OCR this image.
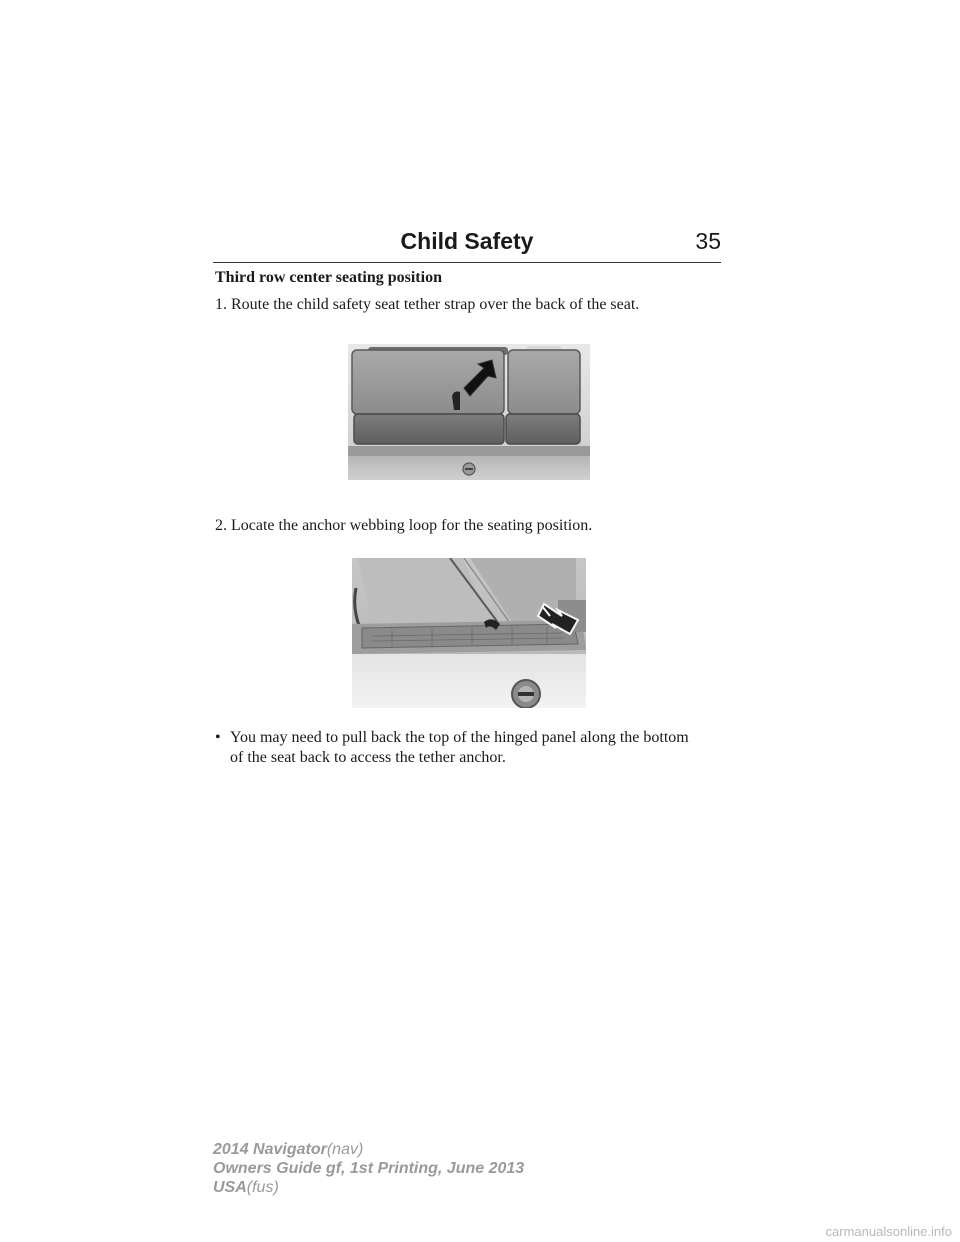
Child Safety	35
Third row center seating position
1. Route the child safety seat tether strap over the back of the seat.
2. Locate the anchor webbing loop for the seating position.
• You may need to pull back the top of the hinged panel along the bottom of the seat back to access the tether anchor.
2014 Navigator(nav)
Owners Guide gf, 1st Printing, June 2013
USA(fus)
carmanualsonline.info
